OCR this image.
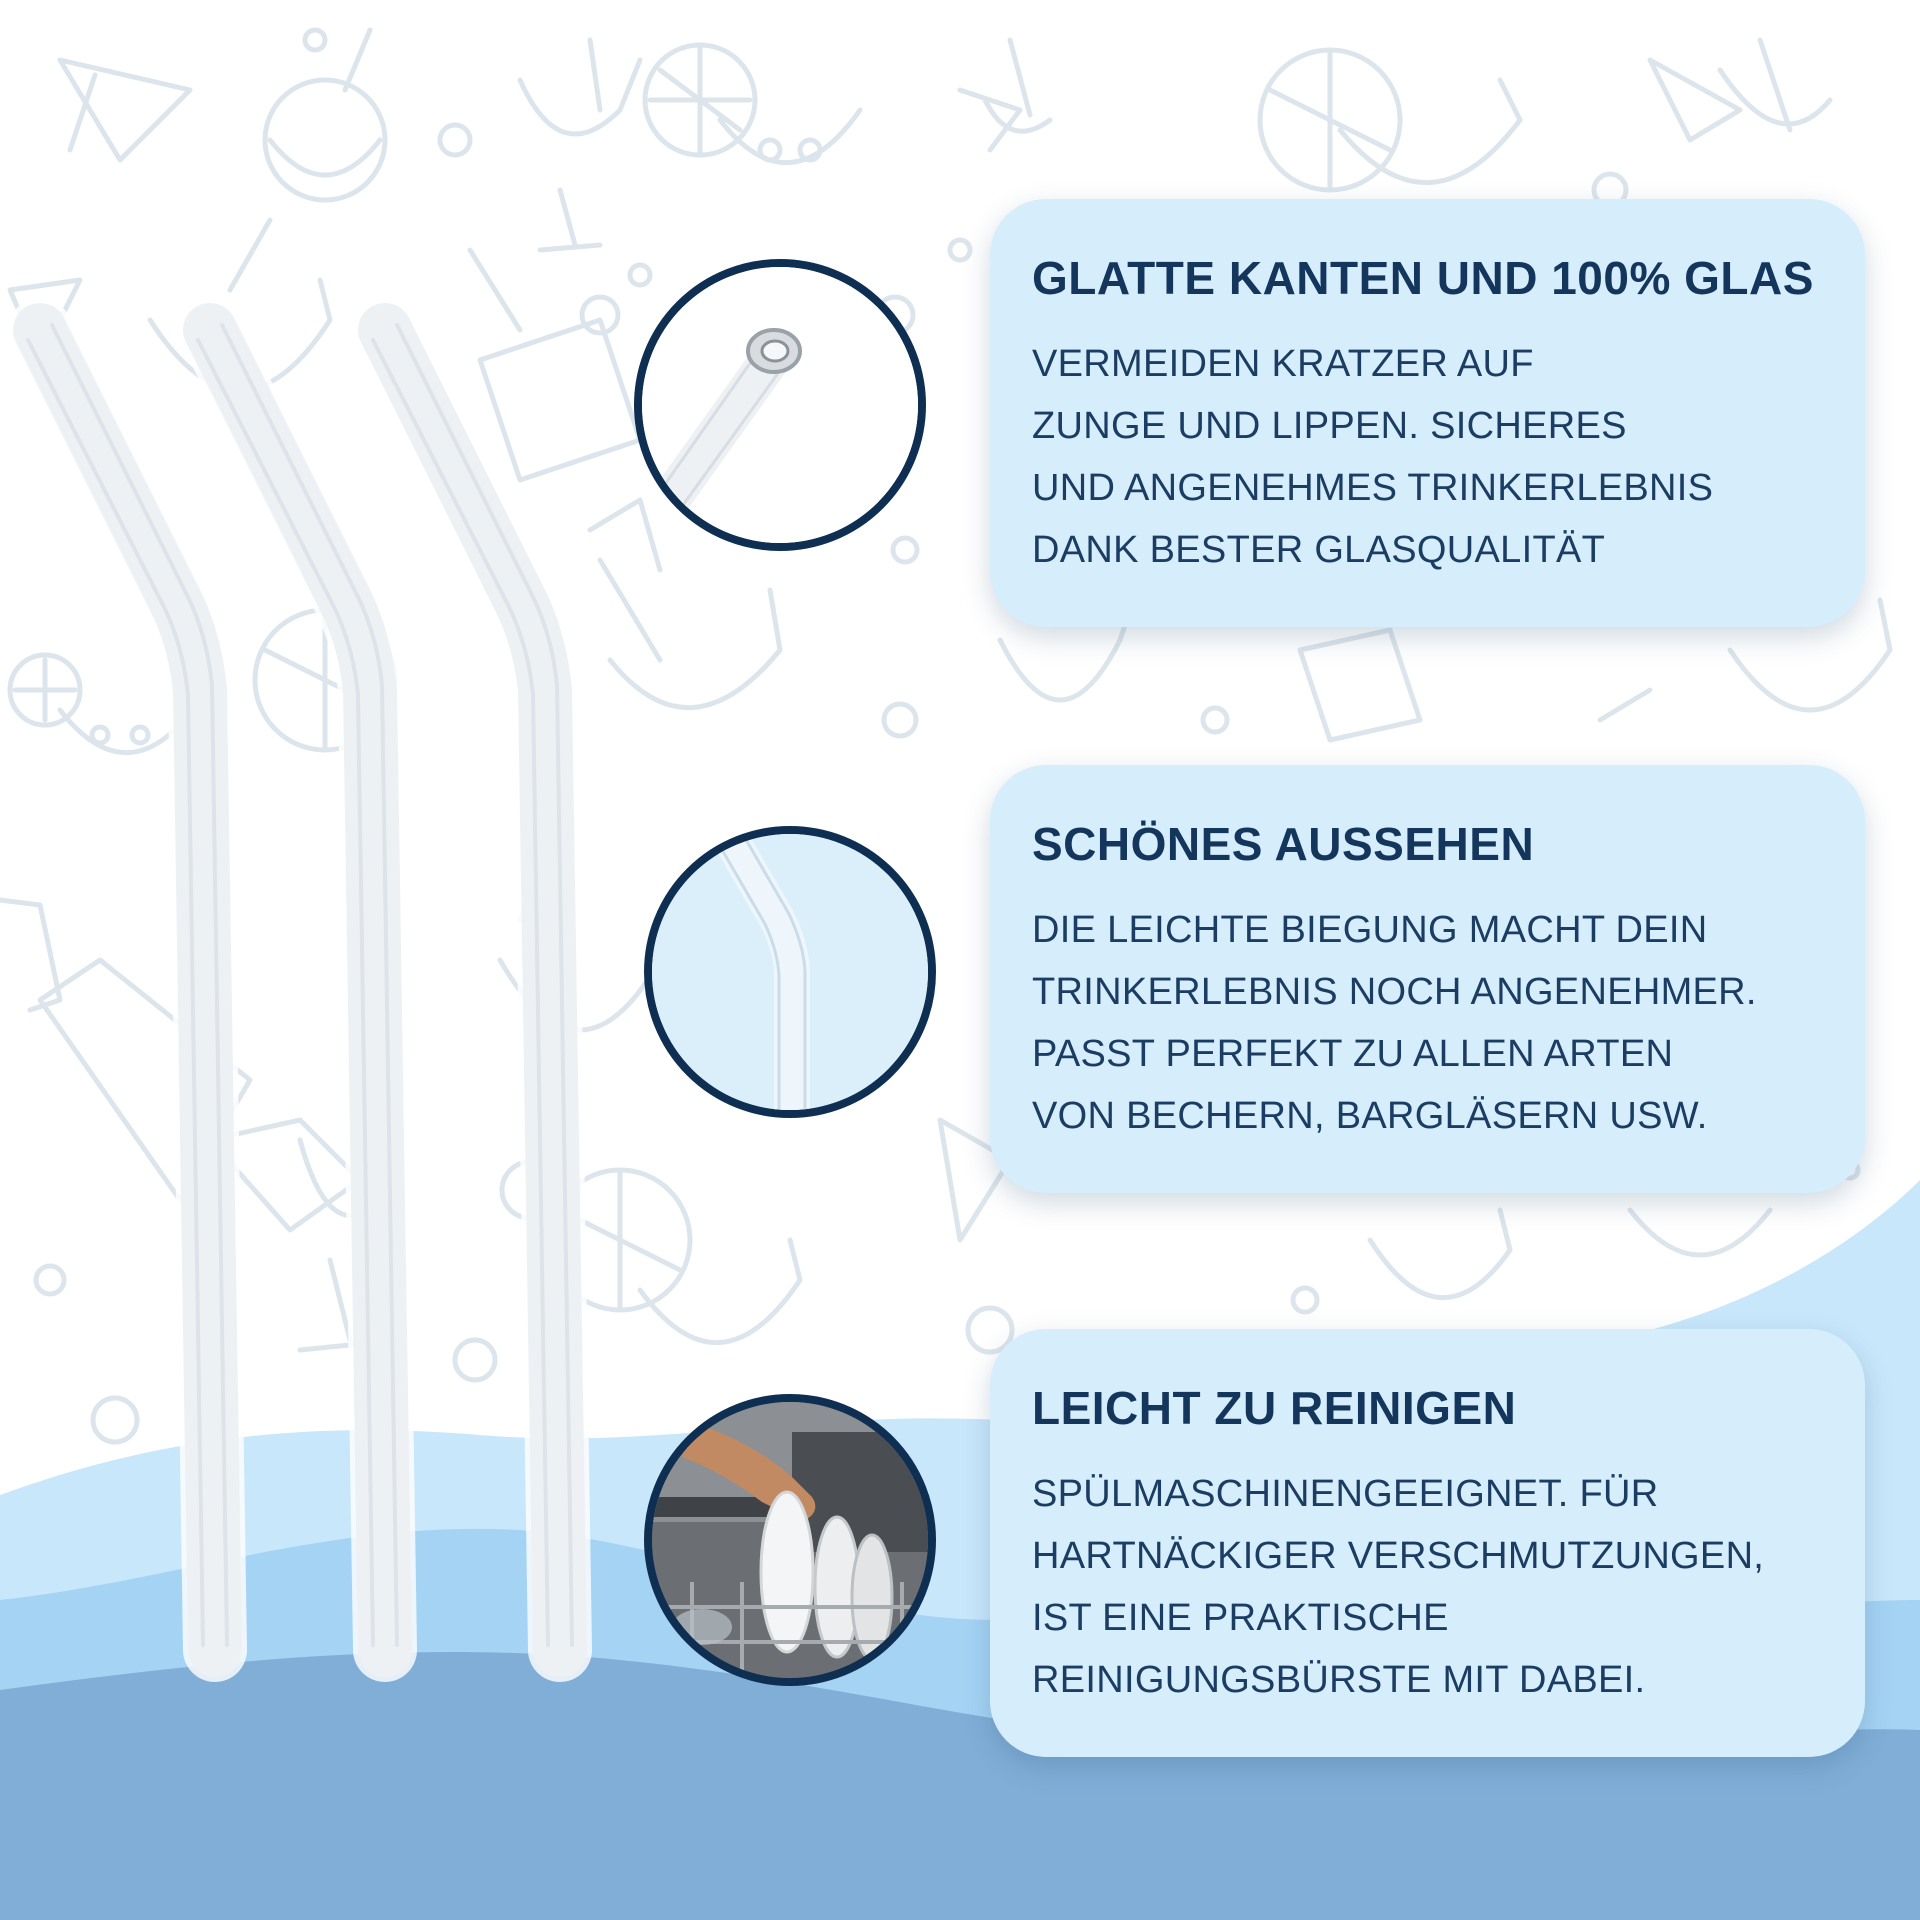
GLATTE KANTEN UND 100% GLAS
VERMEIDEN KRATZER AUF
ZUNGE UND LIPPEN. SICHERES
UND ANGENEHMES TRINKERLEBNIS
DANK BESTER GLASQUALITÄT
SCHÖNES AUSSEHEN
DIE LEICHTE BIEGUNG MACHT DEIN
TRINKERLEBNIS NOCH ANGENEHMER.
PASST PERFEKT ZU ALLEN ARTEN
VON BECHERN, BARGLÄSERN USW.
LEICHT ZU REINIGEN
SPÜLMASCHINENGEEIGNET. FÜR
HARTNÄCKIGER VERSCHMUTZUNGEN,
IST EINE PRAKTISCHE
REINIGUNGSBÜRSTE MIT DABEI.
